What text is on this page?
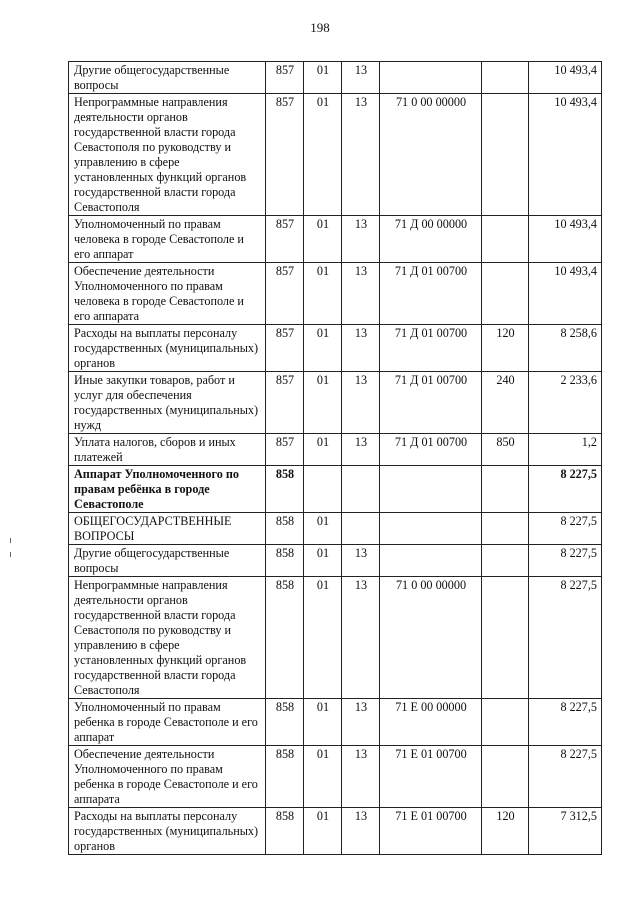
198
Другие общегосударственные вопросы	857	01	13			10 493,4
Непрограммные направления деятельности органов государственной власти города Севастополя по руководству и управлению в сфере установленных функций органов государственной власти города Севастополя	857	01	13	71 0 00 00000		10 493,4
Уполномоченный по правам человека в городе Севастополе и его аппарат	857	01	13	71 Д 00 00000		10 493,4
Обеспечение деятельности Уполномоченного по правам человека в городе Севастополе и его аппарата	857	01	13	71 Д 01 00700		10 493,4
Расходы на выплаты персоналу государственных (муниципальных) органов	857	01	13	71 Д 01 00700	120	8 258,6
Иные закупки товаров, работ и услуг для обеспечения государственных (муниципальных) нужд	857	01	13	71 Д 01 00700	240	2 233,6
Уплата налогов, сборов и иных платежей	857	01	13	71 Д 01 00700	850	1,2
Аппарат Уполномоченного по правам ребёнка в городе Севастополе	858					8 227,5
ОБЩЕГОСУДАРСТВЕННЫЕ ВОПРОСЫ	858	01				8 227,5
Другие общегосударственные вопросы	858	01	13			8 227,5
Непрограммные направления деятельности органов государственной власти города Севастополя по руководству и управлению в сфере установленных функций органов государственной власти города Севастополя	858	01	13	71 0 00 00000		8 227,5
Уполномоченный по правам ребенка в городе Севастополе и его аппарат	858	01	13	71 Е 00 00000		8 227,5
Обеспечение деятельности Уполномоченного по правам ребенка в городе Севастополе и его аппарата	858	01	13	71 Е 01 00700		8 227,5
Расходы на выплаты персоналу государственных (муниципальных) органов	858	01	13	71 Е 01 00700	120	7 312,5
